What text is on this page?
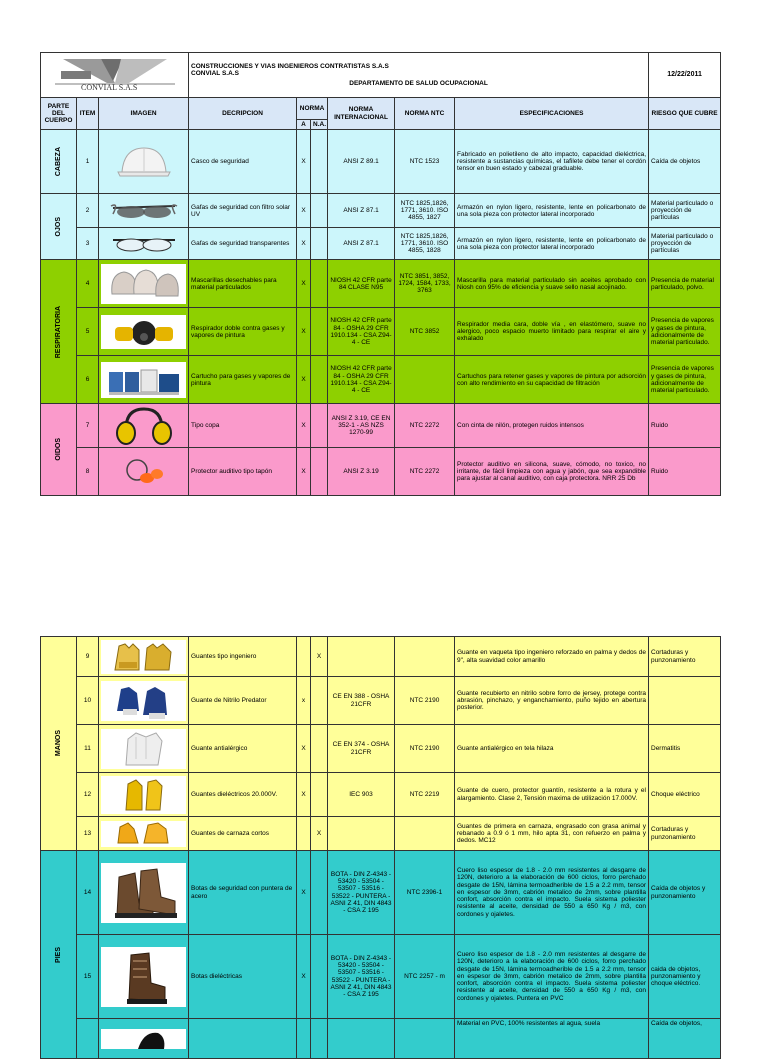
CONVIAL S.A.S			CONSTRUCCIONES Y VIAS INGENIEROS CONTRATISTAS S.A.S
CONVIAL S.A.S
DEPARTAMENTO DE SALUD OCUPACIONAL						12/22/2011
PARTE DEL CUERPO	ITEM	IMAGEN	DECRIPCION	NORMA		NORMA INTERNACIONAL	NORMA NTC	ESPECIFICACIONES	RIESGO QUE CUBRE
				A	N.A.				

CABEZA	1		Casco de seguridad	X		ANSI Z 89.1	NTC 1523	Fabricado en polietileno de alto impacto, capacidad dieléctrica, resistente a sustancias químicas, el tafilete debe tener el cordón tensor en buen estado y cabezal graduable.	Caída de objetos

OJOS	2		Gafas de seguridad con filtro solar UV	X		ANSI Z 87.1	NTC 1825,1826, 1771, 3610. ISO 4855, 1827	Armazón en nylon ligero, resistente, lente en policarbonato de una sola pieza con protector lateral incorporado	Material particulado o proyección de partículas
	3		Gafas de seguridad transparentes	X		ANSI Z 87.1	NTC 1825,1826, 1771, 3610. ISO 4855, 1828	Armazón en nylon ligero, resistente, lente en policarbonato de una sola pieza con protector lateral incorporado	Material particulado o proyección de partículas

RESPIRATORIA	4		Mascarillas desechables para material particulados	X		NIOSH 42 CFR parte 84 CLASE N95	NTC 3851, 3852, 1724, 1584, 1733, 3763	Mascarilla para material particulado sin aceites aprobado con Niosh con 95% de eficiencia y suave sello nasal acojinado.	Presencia de material particulado, polvo.
	5		Respirador doble contra gases y vapores de pintura	X		NIOSH 42 CFR parte 84 - OSHA 29 CFR 1910.134 - CSA Z94-4 - CE	NTC 3852	Respirador media cara, doble vía , en elastómero, suave no alergico, poco espacio muerto limitado para respirar el aire y exhalado	Presencia de vapores y gases de pintura, adicionalmente de material particulado.
	6		Cartucho para gases y vapores de pintura	X		NIOSH 42 CFR parte 84 - OSHA 29 CFR 1910.134 - CSA Z94-4 - CE		Cartuchos para retener gases y vapores de pintura por adsorción con alto rendimiento en su capacidad de filtración	Presencia de vapores y gases de pintura, adicionalmente de material particulado.

OIDOS	7		Tipo copa	X		ANSI Z 3.19, CE EN 352-1 - AS NZS 1270-99	NTC 2272	Con cinta de nilón, protegen ruidos intensos	Ruido
	8		Protector auditivo tipo tapón	X		ANSI Z 3.19	NTC 2272	Protector auditivo en silicona, suave, cómodo, no toxico, no irritante, de fácil limpieza con agua y jabón, que sea expandible para ajustar al canal auditivo, con caja protectora. NRR 25 Db	Ruido
MANOS	9		Guantes tipo ingeniero		X			Guante en vaqueta tipo ingeniero reforzado en palma y dedos de 9", alta suavidad color amarillo	Cortaduras y punzonamiento
	10		Guante de Nitrilo Predator	x		CE EN 388 - OSHA 21CFR	NTC 2190	Guante recubierto en nitrilo sobre forro de jersey, protege contra abrasión, pinchazo, y enganchamiento, puño tejido en abertura posterior.	
	11		Guante antialérgico	X		CE EN 374 - OSHA 21CFR	NTC 2190	Guante antialérgico en tela hilaza	Dermatitis
	12		Guantes dieléctricos 20.000V.	X		IEC 903	NTC 2219	Guante de cuero, protector guantín, resistente a la rotura y el alargamiento. Clase 2, Tensión maxima de utilización 17.000V.	Choque eléctrico
	13		Guantes de carnaza cortos		X			Guantes de primera en carnaza, engrasado con grasa animal y rebanado a 0.9 ó 1 mm, hilo apta 31, con refuerzo en palma y dedos. MC12	Cortaduras y punzonamiento

PIES	14		Botas de seguridad con puntera de acero	X		BOTA - DIN Z-4343 - 53420 - 53504 - 53507 - 53516 - 53522 - PUNTERA - ASNI Z 41, DIN 4843 - CSA Z 195	NTC 2396-1	Cuero liso espesor de 1.8 - 2.0 mm resistentes al desgarre de 120N, deterioro a la elaboración de 600 ciclos, forro perchado desgate de 15N, lámina termoadherible de 1.5 a 2.2 mm, tensor en espesor de 3mm, cabrión metalico de 2mm, sobre plantilla confort, absorción contra el impacto. Suela sistema poliester resistente al aceite, densidad de 550 a 650 Kg / m3, con cordones y ojaletes.	Caída de objetos y punzonamiento
	15		Botas dieléctricas	X		BOTA - DIN Z-4343 - 53420 - 53504 - 53507 - 53516 - 53522 - PUNTERA - ASNI Z 41, DIN 4843 - CSA Z 195	NTC 2257 - m	Cuero liso espesor de 1.8 - 2.0 mm resistentes al desgarre de 120N, deterioro a la elaboración de 600 ciclos, forro perchado desgate de 15N, lámina termoadherible de 1.5 a 2.2 mm, tensor en espesor de 3mm, cabrión metalico de 2mm, sobre plantilla confort, absorción contra el impacto. Suela sistema poliester resistente al aceite, densidad de 550 a 650 Kg / m3, con cordones y ojaletes. Puntera en PVC	caida de objetos, punzonamiento y choque eléctrico.

						Material en PVC, 100% resistentes al agua, suela	Caída de objetos,
